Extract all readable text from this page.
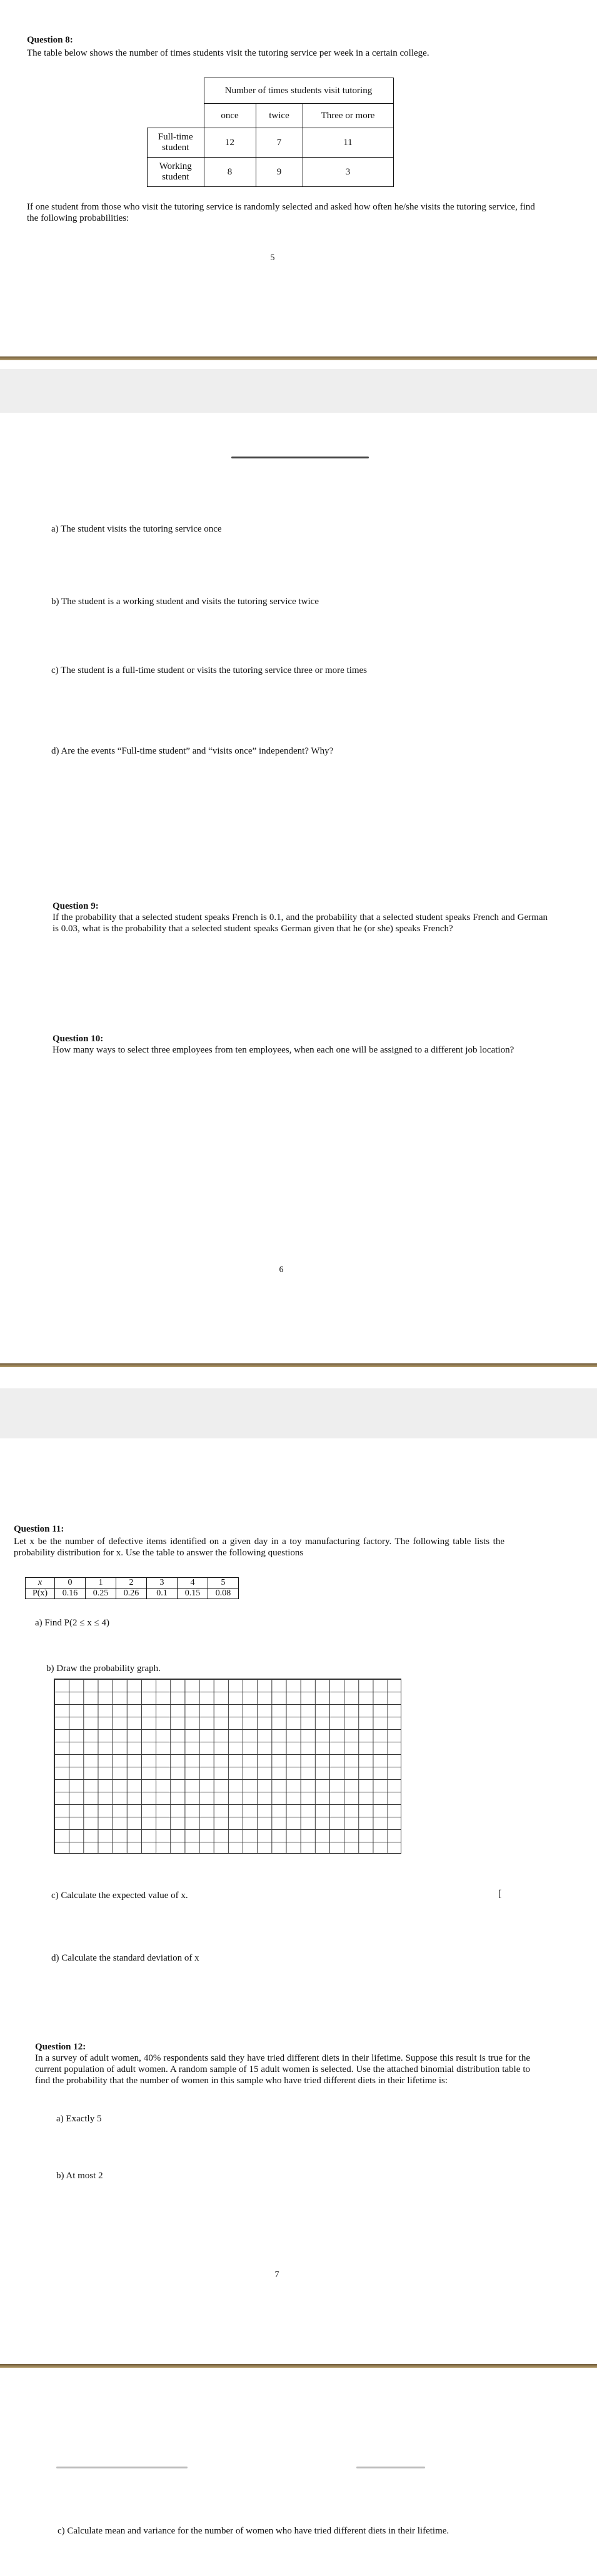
Question 8:
The table below shows the number of times students visit the tutoring service per week in a certain college.
	Number of times students visit tutoring		
	once	twice	Three or more
Full-time student	12	7	11
Working student	8	9	3
If one student from those who visit the tutoring service is randomly selected and asked how often he/she visits the tutoring service, find the following probabilities:
5
a) The student visits the tutoring service once
b) The student is a working student and visits the tutoring service twice
c) The student is a full-time student or visits the tutoring service three or more times
d) Are the events “Full-time student” and “visits once” independent? Why?
Question 9:
If the probability that a selected student speaks French is 0.1, and the probability that a selected student speaks French and German is 0.03, what is the probability that a selected student speaks German given that he (or she) speaks French?
Question 10:
How many ways to select three employees from ten employees, when each one will be assigned to a different job location?
6
Question 11:
Let x be the number of defective items identified on a given day in a toy manufacturing factory. The following table lists the probability distribution for x. Use the table to answer the following questions
x	0	1	2	3	4	5
P(x)	0.16	0.25	0.26	0.1	0.15	0.08
a) Find P(2 ≤ x ≤ 4)
b) Draw the probability graph.
c) Calculate the expected value of x.	[
d) Calculate the standard deviation of x
Question 12:
In a survey of adult women, 40% respondents said they have tried different diets in their lifetime. Suppose this result is true for the current population of adult women. A random sample of 15 adult women is selected. Use the attached binomial distribution table to find the probability that the number of women in this sample who have tried different diets in their lifetime is:
a) Exactly 5
b) At most 2
7
c) Calculate mean and variance for the number of women who have tried different diets in their lifetime.
